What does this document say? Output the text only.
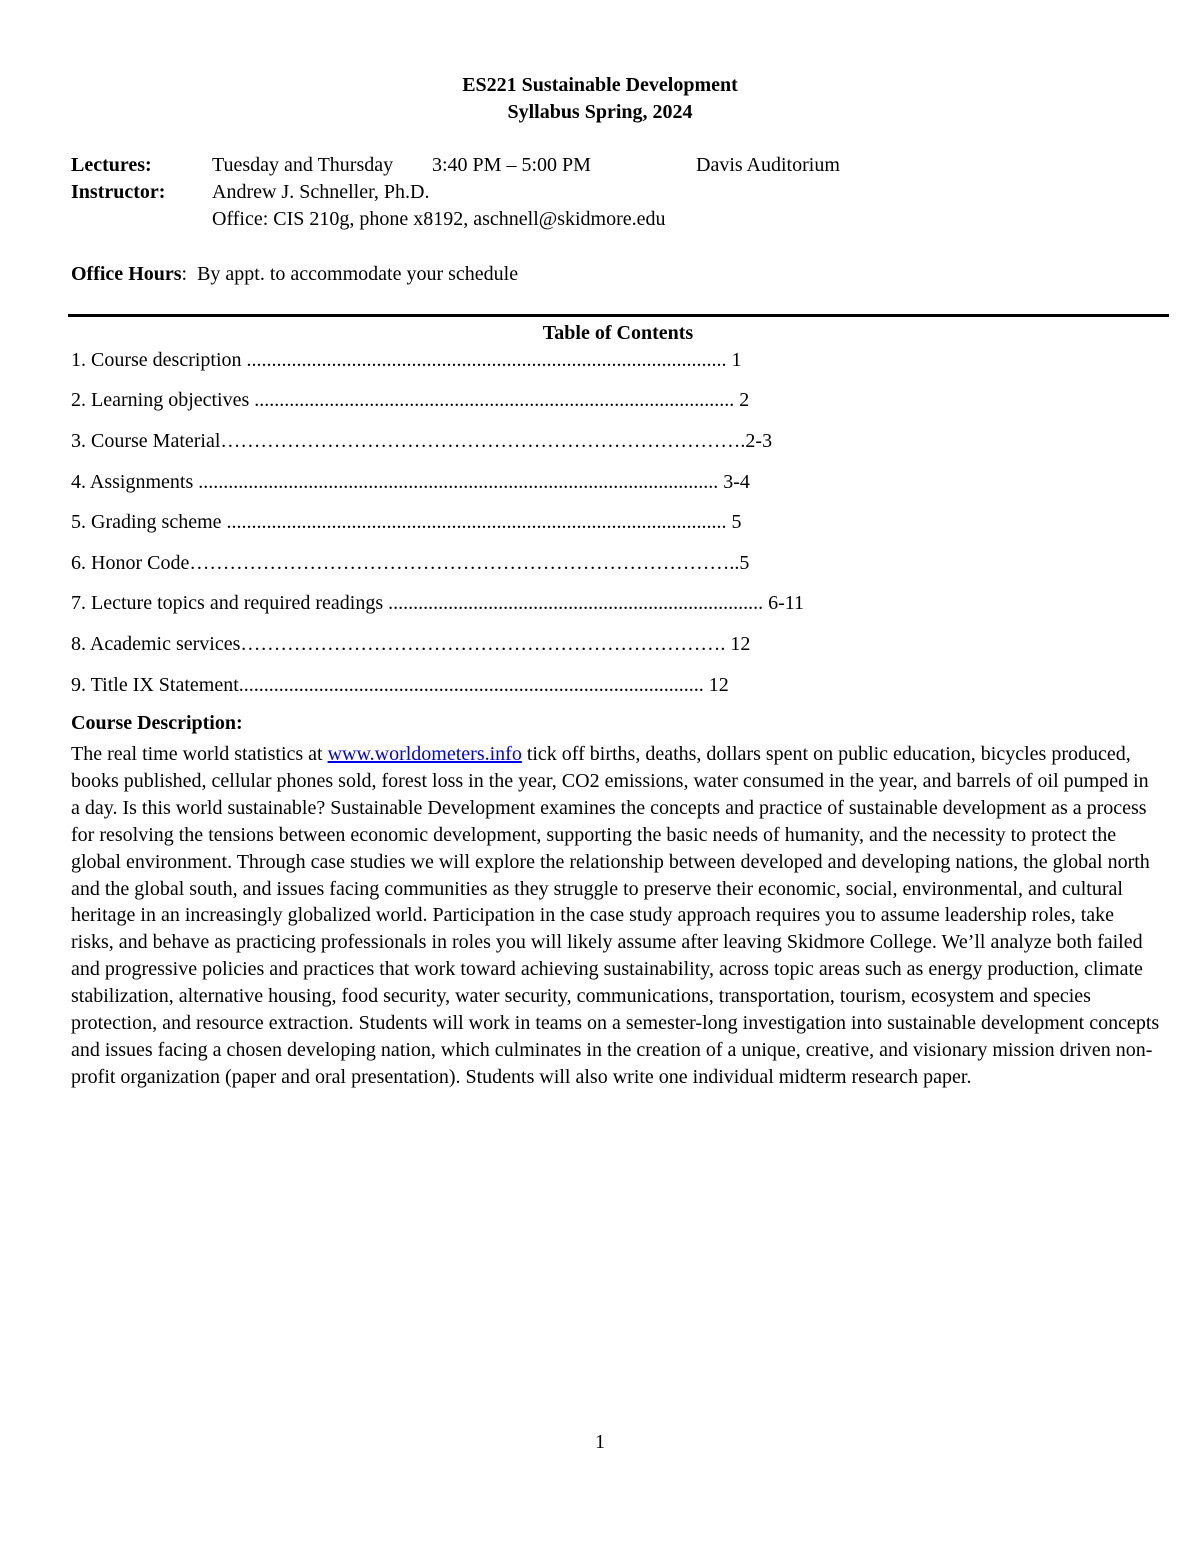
ES221 Sustainable Development
Syllabus Spring, 2024
Lectures:	Tuesday and Thursday 3:40 PM – 5:00 PM	Davis Auditorium
Instructor: Andrew J. Schneller, Ph.D.
Office: CIS 210g, phone x8192, aschnell@skidmore.edu
Office Hours:  By appt. to accommodate your schedule
Table of Contents
1. Course description ................................................................................................ 1
2. Learning objectives ................................................................................................ 2
3. Course Material…………………………………………………………………….2-3
4. Assignments ........................................................................................................ 3-4
5. Grading scheme .................................................................................................... 5
6. Honor Code………………………………………………………………………..5
7. Lecture topics and required readings ........................................................................... 6-11
8. Academic services………………………………………………………………. 12
9. Title IX Statement............................................................................................. 12
Course Description:
The real time world statistics at www.worldometers.info tick off births, deaths, dollars spent on public education, bicycles produced, books published, cellular phones sold, forest loss in the year, CO2 emissions, water consumed in the year, and barrels of oil pumped in a day. Is this world sustainable? Sustainable Development examines the concepts and practice of sustainable development as a process for resolving the tensions between economic development, supporting the basic needs of humanity, and the necessity to protect the global environment. Through case studies we will explore the relationship between developed and developing nations, the global north and the global south, and issues facing communities as they struggle to preserve their economic, social, environmental, and cultural heritage in an increasingly globalized world. Participation in the case study approach requires you to assume leadership roles, take risks, and behave as practicing professionals in roles you will likely assume after leaving Skidmore College. We’ll analyze both failed and progressive policies and practices that work toward achieving sustainability, across topic areas such as energy production, climate stabilization, alternative housing, food security, water security, communications, transportation, tourism, ecosystem and species protection, and resource extraction. Students will work in teams on a semester-long investigation into sustainable development concepts and issues facing a chosen developing nation, which culminates in the creation of a unique, creative, and visionary mission driven non-profit organization (paper and oral presentation). Students will also write one individual midterm research paper.
1
